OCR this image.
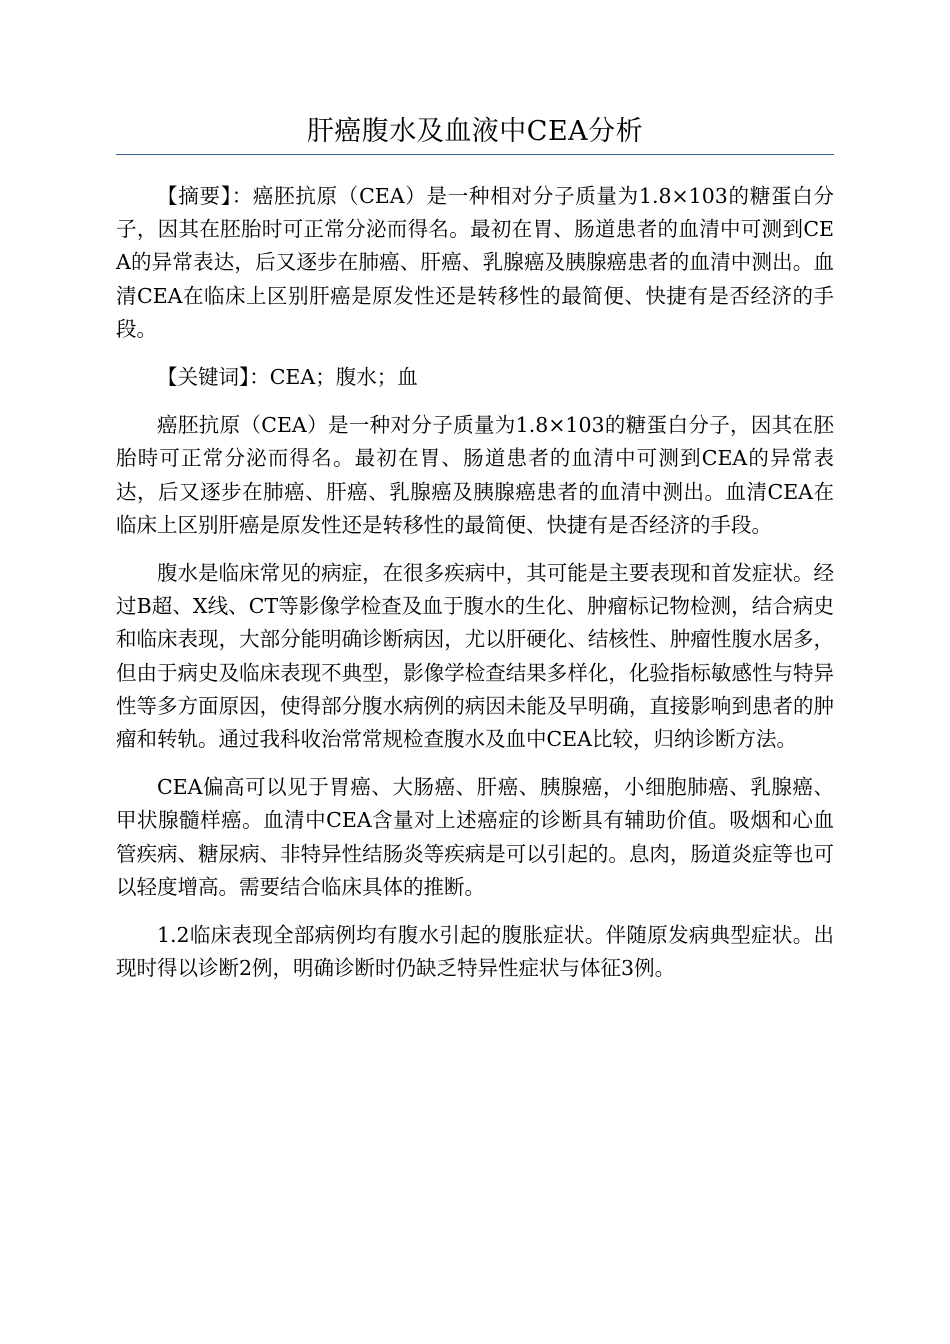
肝癌腹水及血液中CEA分析

【摘要】：癌胚抗原（CEA）是一种相对分子质量为1.8×103的糖蛋白分子，因其在胚胎时可正常分泌而得名。最初在胃、肠道患者的血清中可测到CEA的异常表达，后又逐步在肺癌、肝癌、乳腺癌及胰腺癌患者的血清中测出。血清CEA在临床上区别肝癌是原发性还是转移性的最简便、快捷有是否经济的手段。

【关键词】：CEA；腹水；血

癌胚抗原（CEA）是一种对分子质量为1.8×103的糖蛋白分子，因其在胚胎時可正常分泌而得名。最初在胃、肠道患者的血清中可测到CEA的异常表达，后又逐步在肺癌、肝癌、乳腺癌及胰腺癌患者的血清中测出。血清CEA在临床上区别肝癌是原发性还是转移性的最简便、快捷有是否经济的手段。

腹水是临床常见的病症，在很多疾病中，其可能是主要表现和首发症状。经过B超、X线、CT等影像学检查及血于腹水的生化、肿瘤标记物检测，结合病史和临床表现，大部分能明确诊断病因，尤以肝硬化、结核性、肿瘤性腹水居多，但由于病史及临床表现不典型，影像学检查结果多样化，化验指标敏感性与特异性等多方面原因，使得部分腹水病例的病因未能及早明确，直接影响到患者的肿瘤和转轨。通过我科收治常常规检查腹水及血中CEA比较，归纳诊断方法。

CEA偏高可以见于胃癌、大肠癌、肝癌、胰腺癌，小细胞肺癌、乳腺癌、甲状腺髓样癌。血清中CEA含量对上述癌症的诊断具有辅助价值。吸烟和心血管疾病、糖尿病、非特异性结肠炎等疾病是可以引起的。息肉，肠道炎症等也可以轻度增高。需要结合临床具体的推断。

1.2临床表现全部病例均有腹水引起的腹胀症状。伴随原发病典型症状。出现时得以诊断2例，明确诊断时仍缺乏特异性症状与体征3例。
